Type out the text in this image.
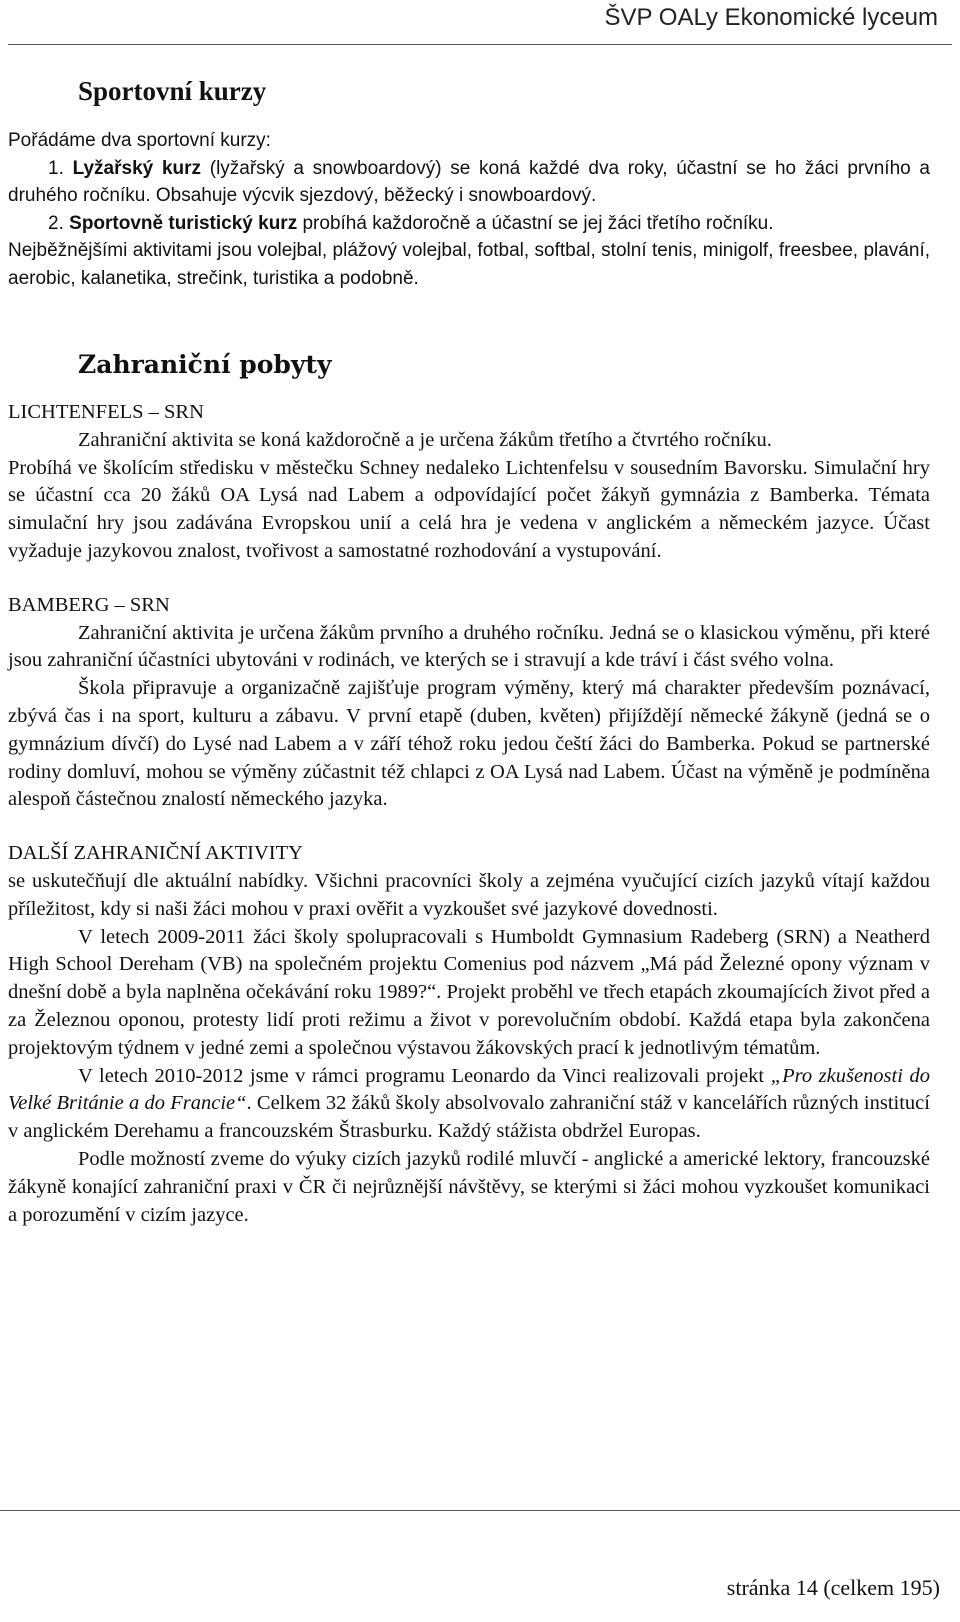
ŠVP OALy Ekonomické lyceum
Sportovní kurzy

Pořádáme dva sportovní kurzy:

1. Lyžařský kurz (lyžařský a snowboardový) se koná každé dva roky, účastní se ho žáci prvního a druhého ročníku. Obsahuje výcvik sjezdový, běžecký i snowboardový.

2. Sportovně turistický kurz probíhá každoročně a účastní se jej žáci třetího ročníku.

Nejběžnějšími aktivitami jsou volejbal, plážový volejbal, fotbal, softbal, stolní tenis, minigolf, freesbee, plavání, aerobic, kalanetika, strečink, turistika a podobně.

Zahraniční pobyty

LICHTENFELS – SRN

Zahraniční aktivita se koná každoročně a je určena žákům třetího a čtvrtého ročníku.

Probíhá ve školícím středisku v městečku Schney nedaleko Lichtenfelsu v sousedním Bavorsku. Simulační hry se účastní cca 20 žáků OA Lysá nad Labem a odpovídající počet žákyň gymnázia z Bamberka. Témata simulační hry jsou zadávána Evropskou unií a celá hra je vedena v anglickém a německém jazyce. Účast vyžaduje jazykovou znalost, tvořivost a samostatné rozhodování a vystupování.

BAMBERG – SRN

Zahraniční aktivita je určena žákům prvního a druhého ročníku. Jedná se o klasickou výměnu, při které jsou zahraniční účastníci ubytováni v rodinách, ve kterých se i stravují a kde tráví i část svého volna.

Škola připravuje a organizačně zajišťuje program výměny, který má charakter především poznávací, zbývá čas i na sport, kulturu a zábavu. V první etapě (duben, květen) přijíždějí německé žákyně (jedná se o gymnázium dívčí) do Lysé nad Labem a v září téhož roku jedou čeští žáci do Bamberka. Pokud se partnerské rodiny domluví, mohou se výměny zúčastnit též chlapci z OA Lysá nad Labem. Účast na výměně je podmíněna alespoň částečnou znalostí německého jazyka.

DALŠÍ ZAHRANIČNÍ AKTIVITY

se uskutečňují dle aktuální nabídky. Všichni pracovníci školy a zejména vyučující cizích jazyků vítají každou příležitost, kdy si naši žáci mohou v praxi ověřit a vyzkoušet své jazykové dovednosti.

V letech 2009-2011 žáci školy spolupracovali s Humboldt Gymnasium Radeberg (SRN) a Neatherd High School Dereham (VB) na společném projektu Comenius pod názvem „Má pád Železné opony význam v dnešní době a byla naplněna očekávání roku 1989?“. Projekt proběhl ve třech etapách zkoumajících život před a za Železnou oponou, protesty lidí proti režimu a život v porevolučním období. Každá etapa byla zakončena projektovým týdnem v jedné zemi a společnou výstavou žákovských prací k jednotlivým tématům.

V letech 2010-2012 jsme v rámci programu Leonardo da Vinci realizovali projekt „Pro zkušenosti do Velké Británie a do Francie“. Celkem 32 žáků školy absolvovalo zahraniční stáž v kancelářích různých institucí v anglickém Derehamu a francouzském Štrasburku. Každý stážista obdržel Europas.

Podle možností zveme do výuky cizích jazyků rodilé mluvčí - anglické a americké lektory, francouzské žákyně konající zahraniční praxi v ČR či nejrůznější návštěvy, se kterými si žáci mohou vyzkoušet komunikaci a porozumění v cizím jazyce.

stránka 14 (celkem 195)
